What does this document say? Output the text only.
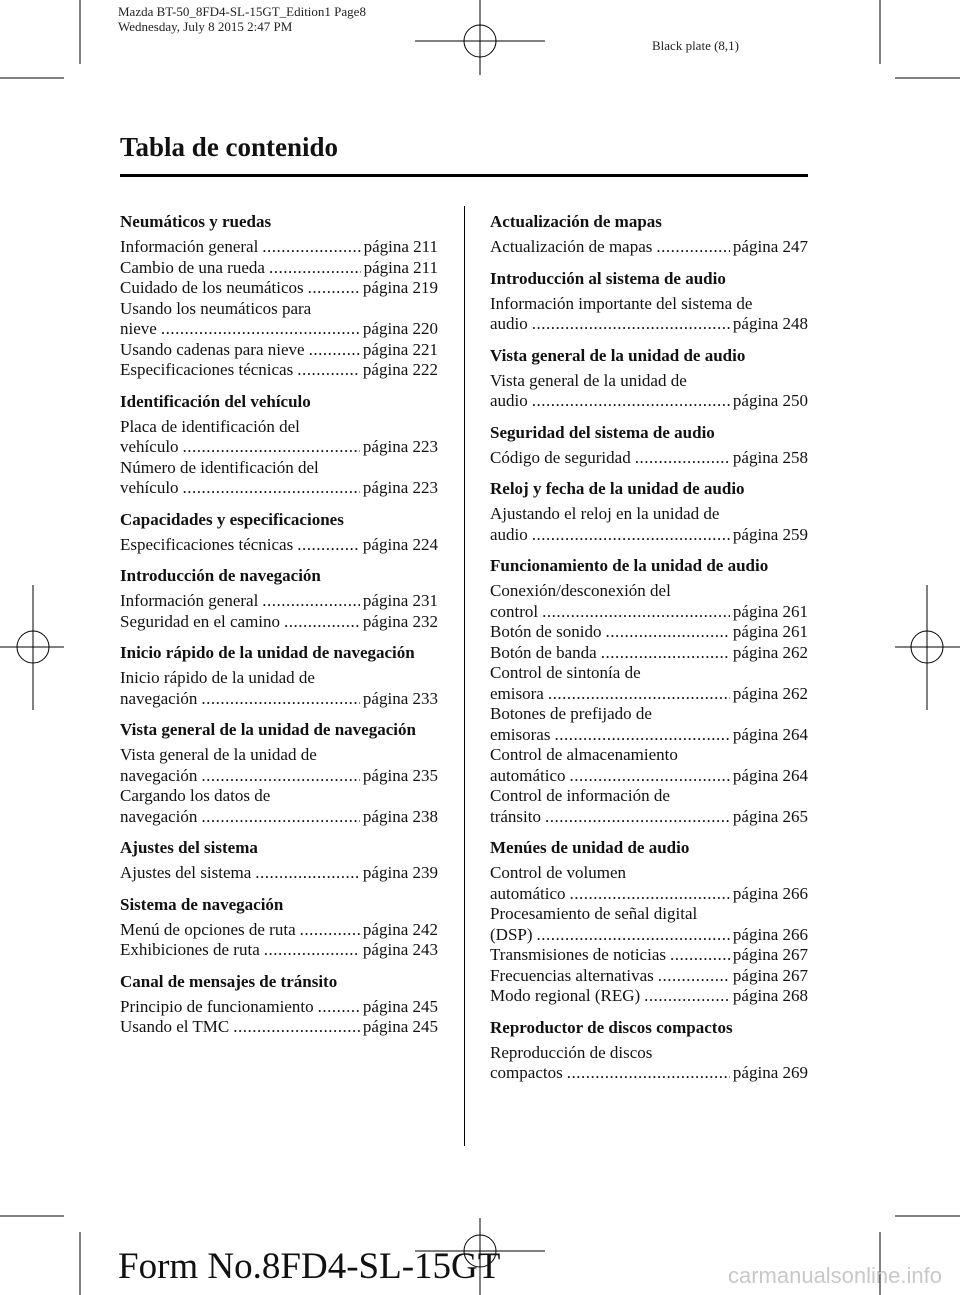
Mazda BT-50_8FD4-SL-15GT_Edition1 Page8
Wednesday, July 8 2015 2:47 PM
Black plate (8,1)
Tabla de contenido
Neumáticos y ruedas
Información general .....	página 211
Cambio de una rueda .....	página 211
Cuidado de los neumáticos .....	página 219
Usando los neumáticos para
nieve .....	página 220
Usando cadenas para nieve .....	página 221
Especificaciones técnicas .....	página 222
Identificación del vehículo
Placa de identificación del
vehículo .....	página 223
Número de identificación del
vehículo .....	página 223
Capacidades y especificaciones
Especificaciones técnicas .....	página 224
Introducción de navegación
Información general .....	página 231
Seguridad en el camino .....	página 232
Inicio rápido de la unidad de navegación
Inicio rápido de la unidad de
navegación .....	página 233
Vista general de la unidad de navegación
Vista general de la unidad de
navegación .....	página 235
Cargando los datos de
navegación .....	página 238
Ajustes del sistema
Ajustes del sistema .....	página 239
Sistema de navegación
Menú de opciones de ruta .....	página 242
Exhibiciones de ruta .....	página 243
Canal de mensajes de tránsito
Principio de funcionamiento .....	página 245
Usando el TMC .....	página 245
Actualización de mapas
Actualización de mapas .....	página 247
Introducción al sistema de audio
Información importante del sistema de
audio .....	página 248
Vista general de la unidad de audio
Vista general de la unidad de
audio .....	página 250
Seguridad del sistema de audio
Código de seguridad .....	página 258
Reloj y fecha de la unidad de audio
Ajustando el reloj en la unidad de
audio .....	página 259
Funcionamiento de la unidad de audio
Conexión/desconexión del
control .....	página 261
Botón de sonido .....	página 261
Botón de banda .....	página 262
Control de sintonía de
emisora .....	página 262
Botones de prefijado de
emisoras .....	página 264
Control de almacenamiento
automático .....	página 264
Control de información de
tránsito .....	página 265
Menúes de unidad de audio
Control de volumen
automático .....	página 266
Procesamiento de señal digital
(DSP) .....	página 266
Transmisiones de noticias .....	página 267
Frecuencias alternativas .....	página 267
Modo regional (REG) .....	página 268
Reproductor de discos compactos
Reproducción de discos
compactos .....	página 269
Form No.8FD4-SL-15GT	carmanualsonline.info
